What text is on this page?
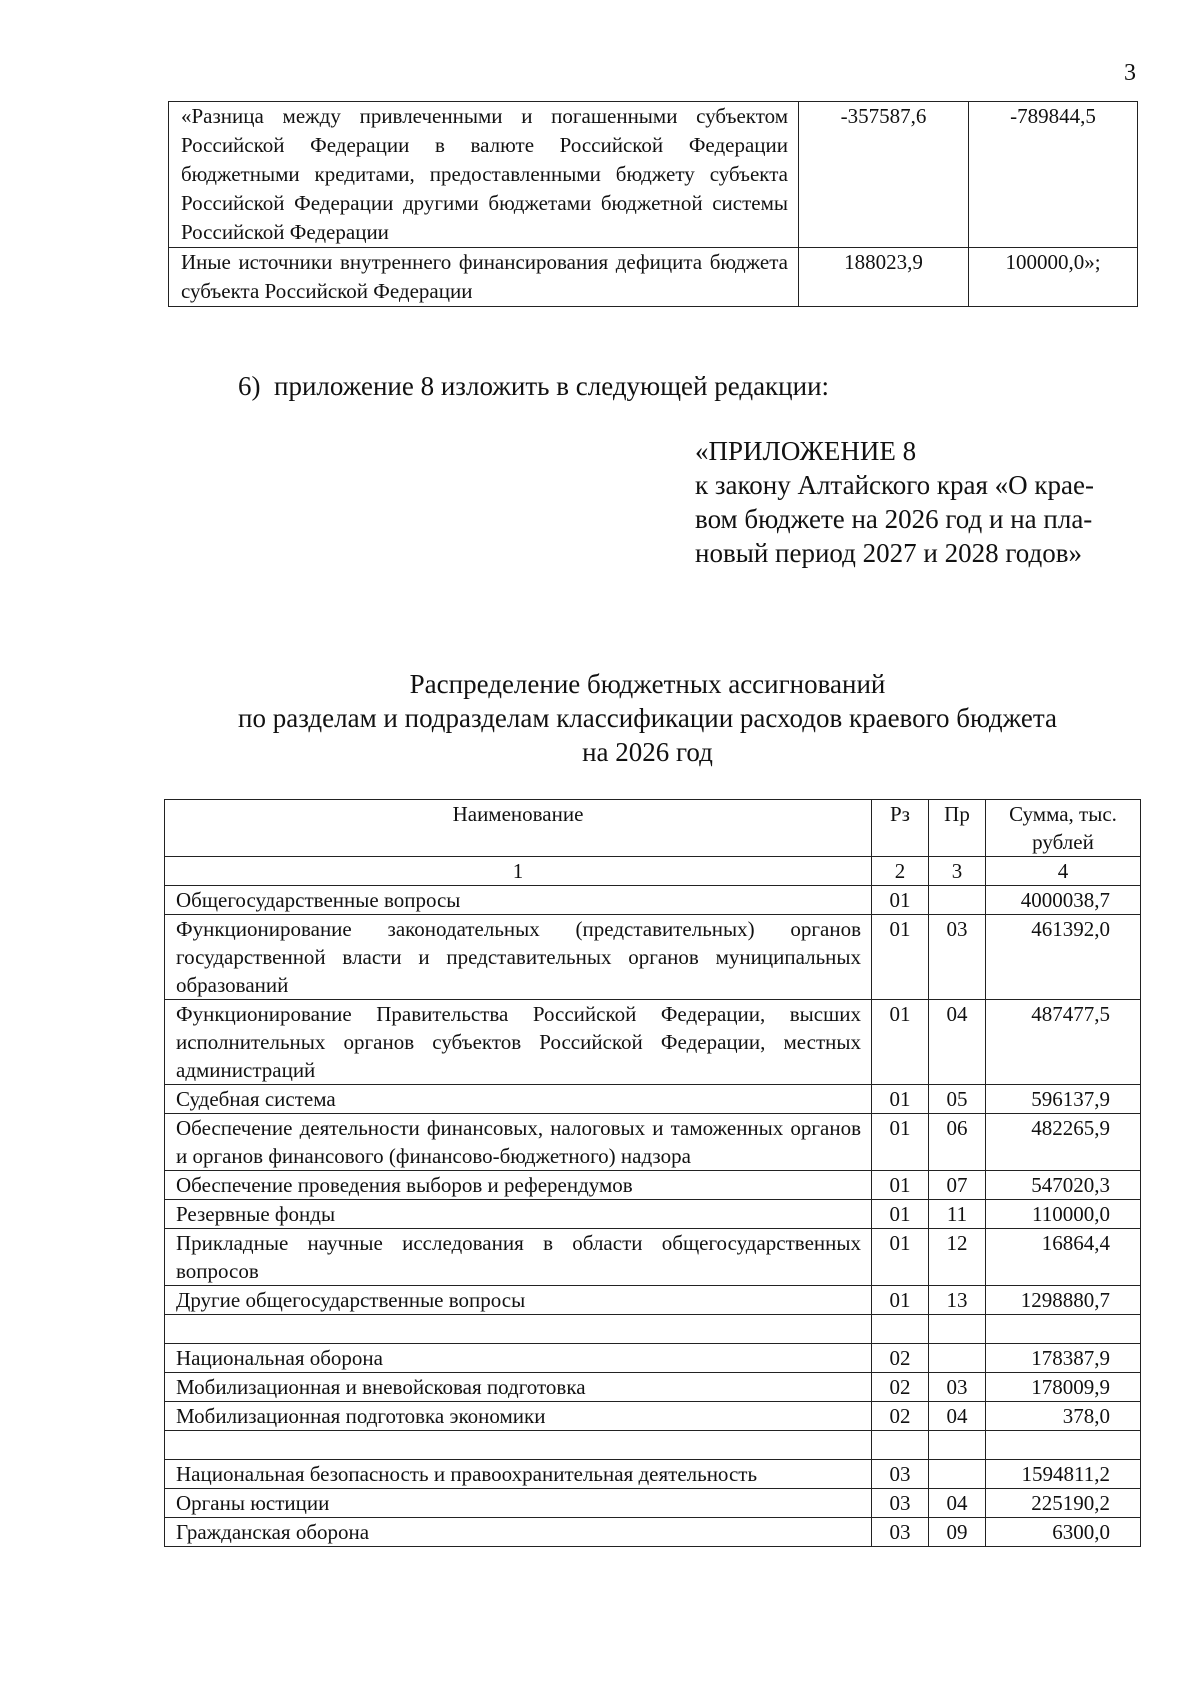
3
«Разница между привлеченными и погашенными субъектом Российской Федерации в валюте Российской Федерации бюджетными кредитами, предоставленными бюджету субъекта Российской Федерации другими бюджетами бюджетной системы Российской Федерации	-357587,6	-789844,5
Иные источники внутреннего финансирования дефицита бюджета субъекта Российской Федерации	188023,9	100000,0»;
6) приложение 8 изложить в следующей редакции:
«ПРИЛОЖЕНИЕ 8
к закону Алтайского края «О крае-
вом бюджете на 2026 год и на пла-
новый период 2027 и 2028 годов»
Распределение бюджетных ассигнований
по разделам и подразделам классификации расходов краевого бюджета
на 2026 год
Наименование	Рз	Пр	Сумма, тыс. рублей
1	2	3	4
Общегосударственные вопросы	01		4000038,7
Функционирование законодательных (представительных) органов государственной власти и представительных органов муниципальных образований	01	03	461392,0
Функционирование Правительства Российской Федерации, высших исполнительных органов субъектов Российской Федерации, местных администраций	01	04	487477,5
Судебная система	01	05	596137,9
Обеспечение деятельности финансовых, налоговых и таможенных органов и органов финансового (финансово-бюджетного) надзора	01	06	482265,9
Обеспечение проведения выборов и референдумов	01	07	547020,3
Резервные фонды	01	11	110000,0
Прикладные научные исследования в области общегосударственных вопросов	01	12	16864,4
Другие общегосударственные вопросы	01	13	1298880,7

Национальная оборона	02		178387,9
Мобилизационная и вневойсковая подготовка	02	03	178009,9
Мобилизационная подготовка экономики	02	04	378,0

Национальная безопасность и правоохранительная деятельность	03		1594811,2
Органы юстиции	03	04	225190,2
Гражданская оборона	03	09	6300,0
